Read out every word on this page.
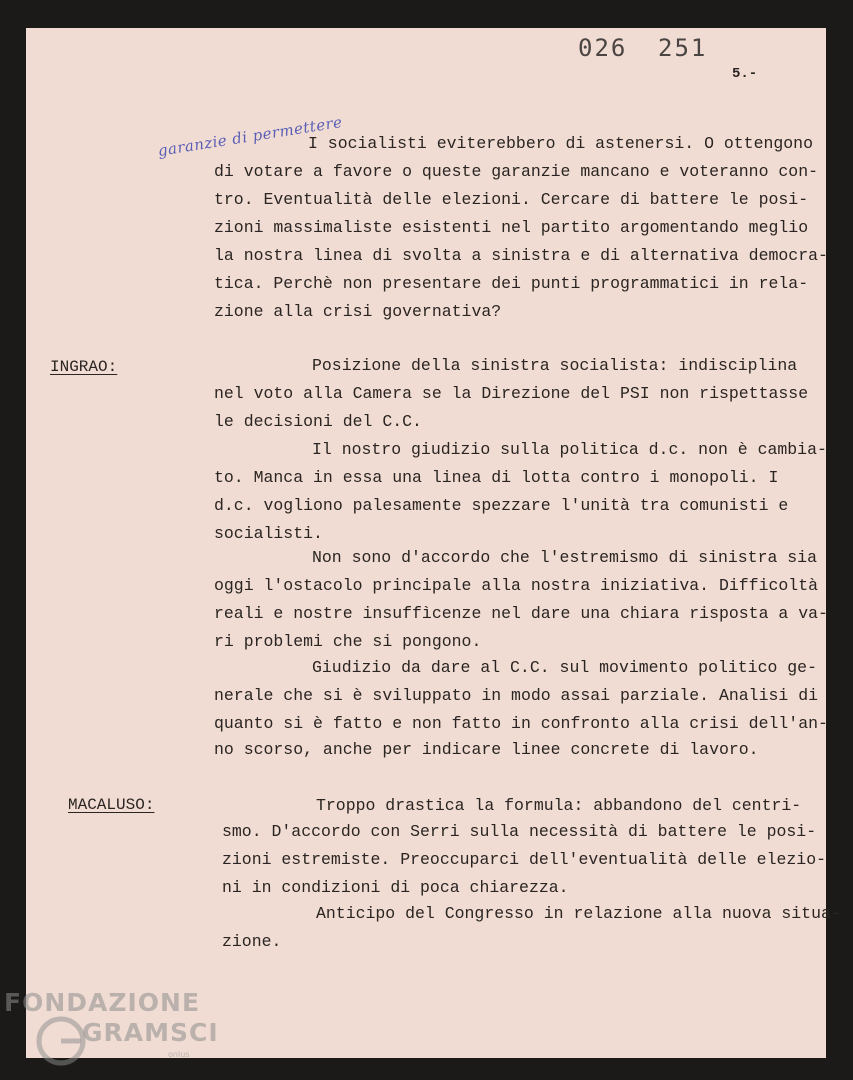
026 251
5.-
garanzie di permettere
I socialisti eviterebbero di astenersi. O ottengono
di votare a favore o queste garanzie mancano e voteranno con-
tro. Eventualità delle elezioni. Cercare di battere le posi-
zioni massimaliste esistenti nel partito argomentando meglio
la nostra linea di svolta a sinistra e di alternativa democra-
tica. Perchè non presentare dei punti programmatici in rela-
zione alla crisi governativa?
INGRAO:	Posizione della sinistra socialista: indisciplina
nel voto alla Camera se la Direzione del PSI non rispettasse
le decisioni del C.C.
Il nostro giudizio sulla politica d.c. non è cambia-
to. Manca in essa una linea di lotta contro i monopoli. I
d.c. vogliono palesamente spezzare l'unità tra comunisti e
socialisti.
Non sono d'accordo che l'estremismo di sinistra sia
oggi l'ostacolo principale alla nostra iniziativa. Difficoltà
reali e nostre insuffìcenze nel dare una chiara risposta a va-
ri problemi che si pongono.
Giudizio da dare al C.C. sul movimento politico ge-
nerale che si è sviluppato in modo assai parziale. Analisi di
quanto si è fatto e non fatto in confronto alla crisi dell'an-
no scorso, anche per indicare linee concrete di lavoro.
MACALUSO:	Troppo drastica la formula: abbandono del centri-
smo. D'accordo con Serri sulla necessità di battere le posi-
zioni estremiste. Preoccuparci dell'eventualità delle elezio-
ni in condizioni di poca chiarezza.
Anticipo del Congresso in relazione alla nuova situa-
zione.
FONDAZIONE
GRAMSCI
onlus
